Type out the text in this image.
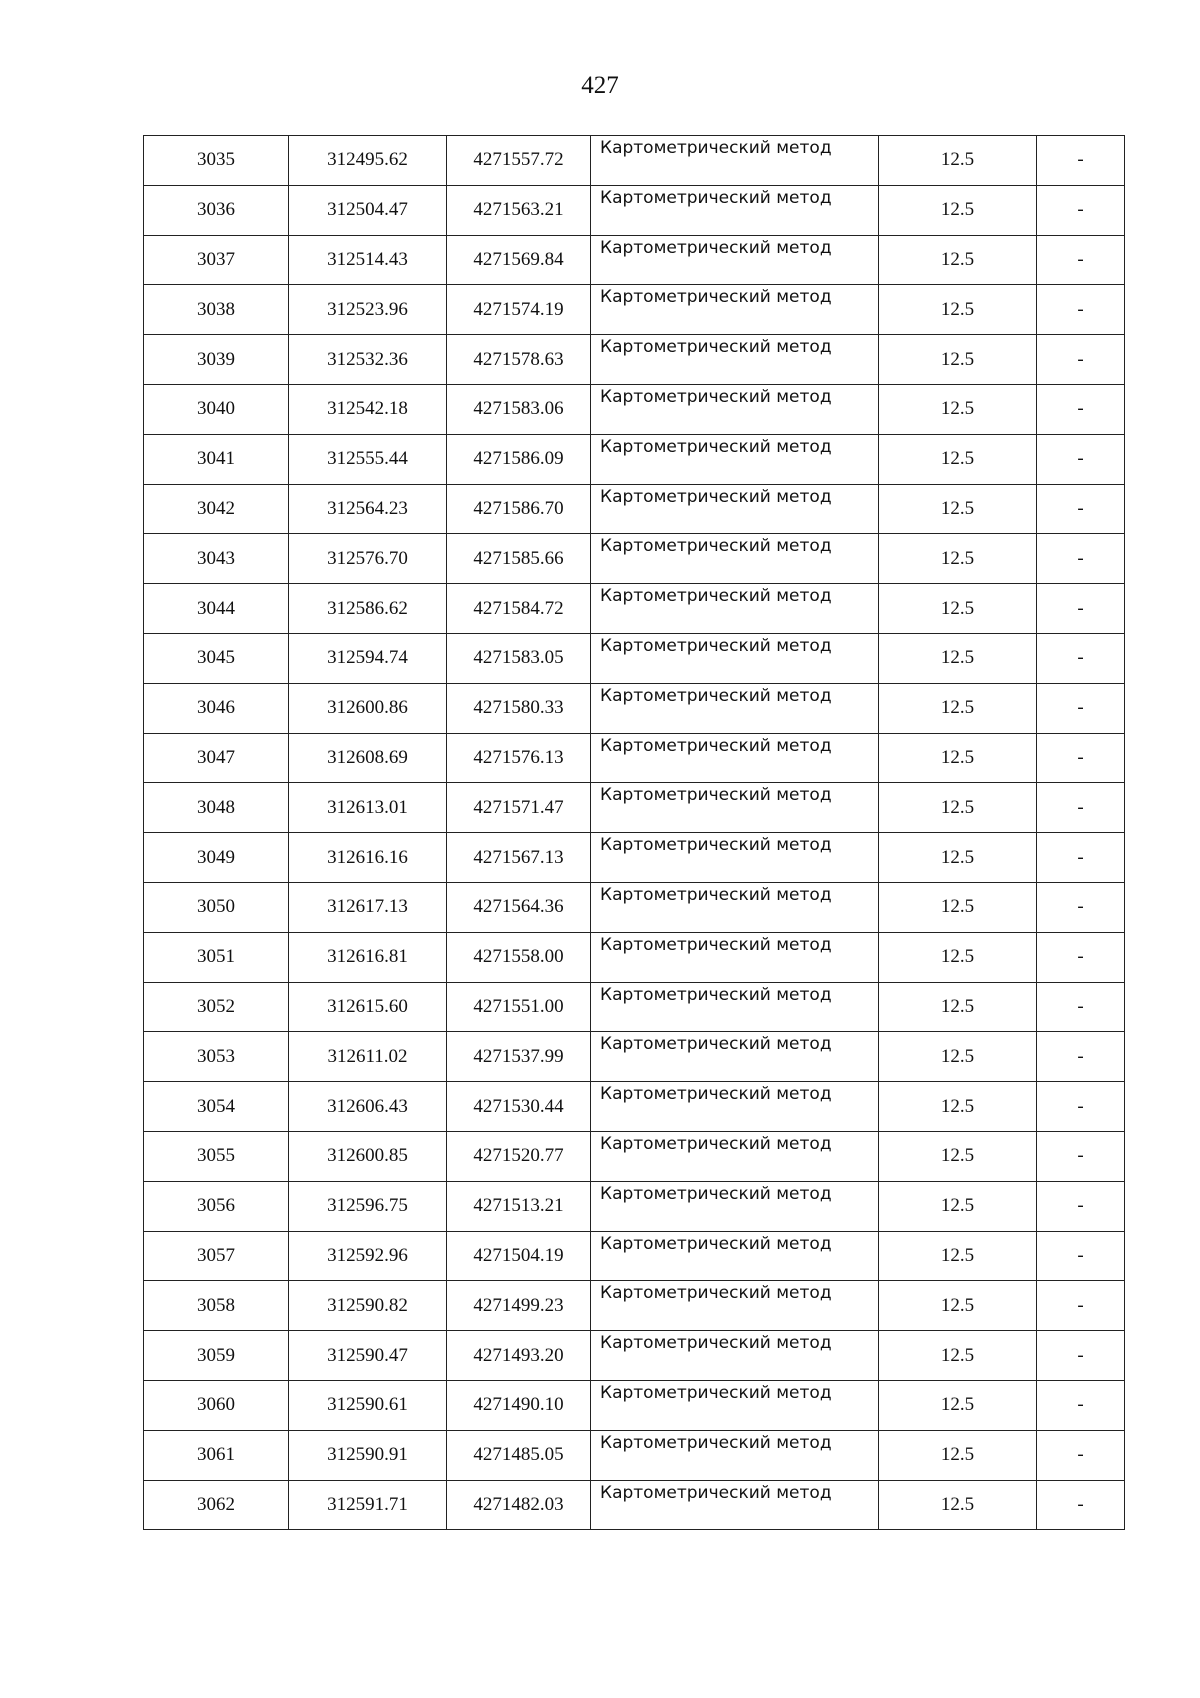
427
3035	312495.62	4271557.72	Картометрический метод	12.5	-
3036	312504.47	4271563.21	Картометрический метод	12.5	-
3037	312514.43	4271569.84	Картометрический метод	12.5	-
3038	312523.96	4271574.19	Картометрический метод	12.5	-
3039	312532.36	4271578.63	Картометрический метод	12.5	-
3040	312542.18	4271583.06	Картометрический метод	12.5	-
3041	312555.44	4271586.09	Картометрический метод	12.5	-
3042	312564.23	4271586.70	Картометрический метод	12.5	-
3043	312576.70	4271585.66	Картометрический метод	12.5	-
3044	312586.62	4271584.72	Картометрический метод	12.5	-
3045	312594.74	4271583.05	Картометрический метод	12.5	-
3046	312600.86	4271580.33	Картометрический метод	12.5	-
3047	312608.69	4271576.13	Картометрический метод	12.5	-
3048	312613.01	4271571.47	Картометрический метод	12.5	-
3049	312616.16	4271567.13	Картометрический метод	12.5	-
3050	312617.13	4271564.36	Картометрический метод	12.5	-
3051	312616.81	4271558.00	Картометрический метод	12.5	-
3052	312615.60	4271551.00	Картометрический метод	12.5	-
3053	312611.02	4271537.99	Картометрический метод	12.5	-
3054	312606.43	4271530.44	Картометрический метод	12.5	-
3055	312600.85	4271520.77	Картометрический метод	12.5	-
3056	312596.75	4271513.21	Картометрический метод	12.5	-
3057	312592.96	4271504.19	Картометрический метод	12.5	-
3058	312590.82	4271499.23	Картометрический метод	12.5	-
3059	312590.47	4271493.20	Картометрический метод	12.5	-
3060	312590.61	4271490.10	Картометрический метод	12.5	-
3061	312590.91	4271485.05	Картометрический метод	12.5	-
3062	312591.71	4271482.03	Картометрический метод	12.5	-
